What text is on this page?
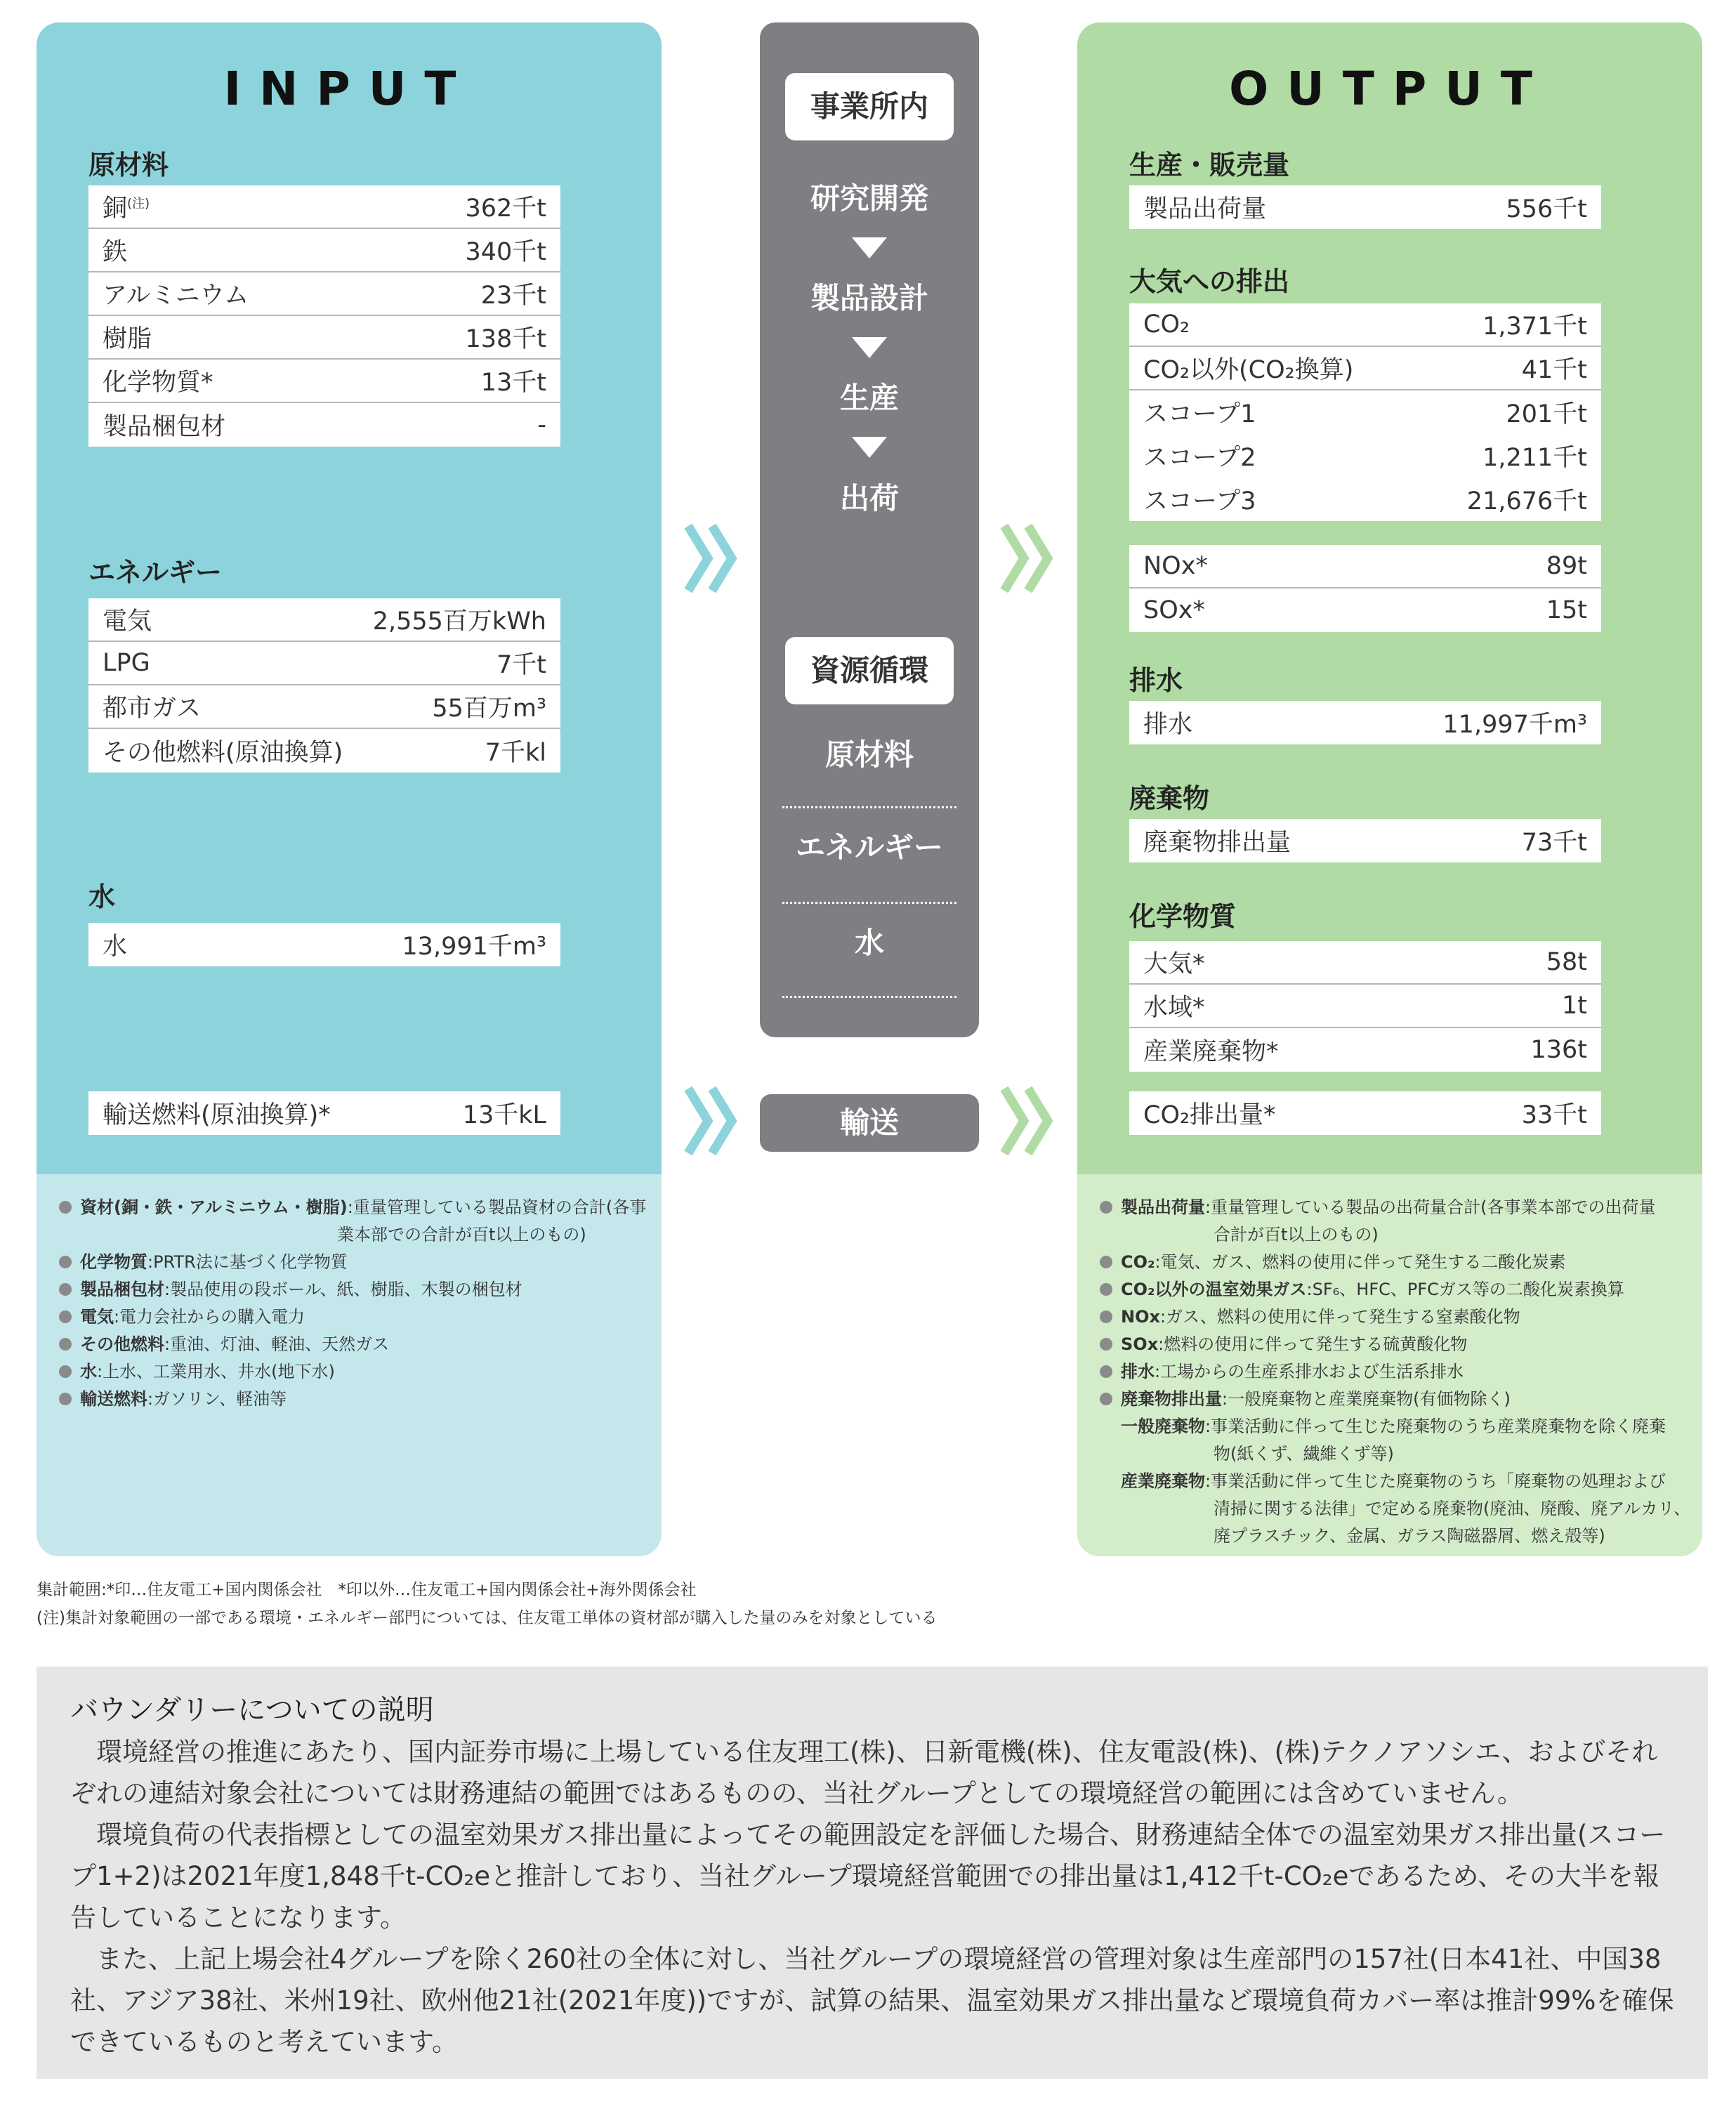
INPUT
原材料
銅$^{(注)}$	362千t
鉄	340千t
アルミニウム	23千t
樹脂	138千t
化学物質*	13千t
製品梱包材	-
エネルギー
電気	2,555百万kWh
LPG	7千t
都市ガス	55百万m³
その他燃料(原油換算)	7千kl
水
水	13,991千m³
輸送燃料(原油換算)*	13千kL
資材(銅・鉄・アルミニウム・樹脂):重量管理している製品資材の合計(各事
業本部での合計が百t以上のもの)
化学物質:PRTR法に基づく化学物質
製品梱包材:製品使用の段ボール、紙、樹脂、木製の梱包材
電気:電力会社からの購入電力
その他燃料:重油、灯油、軽油、天然ガス
水:上水、工業用水、井水(地下水)
輸送燃料:ガソリン、軽油等
事業所内
研究開発
製品設計
生産
出荷
資源循環
原材料
エネルギー
水
輸送
OUTPUT
生産・販売量
製品出荷量	556千t
大気への排出
CO₂	1,371千t
CO₂以外(CO₂換算)	41千t
スコープ1	201千t
スコープ2	1,211千t
スコープ3	21,676千t
NOx*	89t
SOx*	15t
排水
排水	11,997千m³
廃棄物
廃棄物排出量	73千t
化学物質
大気*	58t
水域*	1t
産業廃棄物*	136t
CO₂排出量*	33千t
製品出荷量:重量管理している製品の出荷量合計(各事業本部での出荷量
合計が百t以上のもの)
CO₂:電気、ガス、燃料の使用に伴って発生する二酸化炭素
CO₂以外の温室効果ガス:SF₆、HFC、PFCガス等の二酸化炭素換算
NOx:ガス、燃料の使用に伴って発生する窒素酸化物
SOx:燃料の使用に伴って発生する硫黄酸化物
排水:工場からの生産系排水および生活系排水
廃棄物排出量:一般廃棄物と産業廃棄物(有価物除く)
一般廃棄物:事業活動に伴って生じた廃棄物のうち産業廃棄物を除く廃棄
物(紙くず、繊維くず等)
産業廃棄物:事業活動に伴って生じた廃棄物のうち「廃棄物の処理および
清掃に関する法律」で定める廃棄物(廃油、廃酸、廃アルカリ、
廃プラスチック、金属、ガラス陶磁器屑、燃え殻等)
集計範囲:*印…住友電工+国内関係会社　*印以外…住友電工+国内関係会社+海外関係会社
(注)集計対象範囲の一部である環境・エネルギー部門については、住友電工単体の資材部が購入した量のみを対象としている
バウンダリーについての説明

環境経営の推進にあたり、国内証券市場に上場している住友理工(株)、日新電機(株)、住友電設(株)、(株)テクノアソシエ、およびそれぞれの連結対象会社については財務連結の範囲ではあるものの、当社グループとしての環境経営の範囲には含めていません。

環境負荷の代表指標としての温室効果ガス排出量によってその範囲設定を評価した場合、財務連結全体での温室効果ガス排出量(スコープ1+2)は2021年度1,848千t-CO₂eと推計しており、当社グループ環境経営範囲での排出量は1,412千t-CO₂eであるため、その大半を報告していることになります。

また、上記上場会社4グループを除く260社の全体に対し、当社グループの環境経営の管理対象は生産部門の157社(日本41社、中国38社、アジア38社、米州19社、欧州他21社(2021年度))ですが、試算の結果、温室効果ガス排出量など環境負荷カバー率は推計99%を確保できているものと考えています。
